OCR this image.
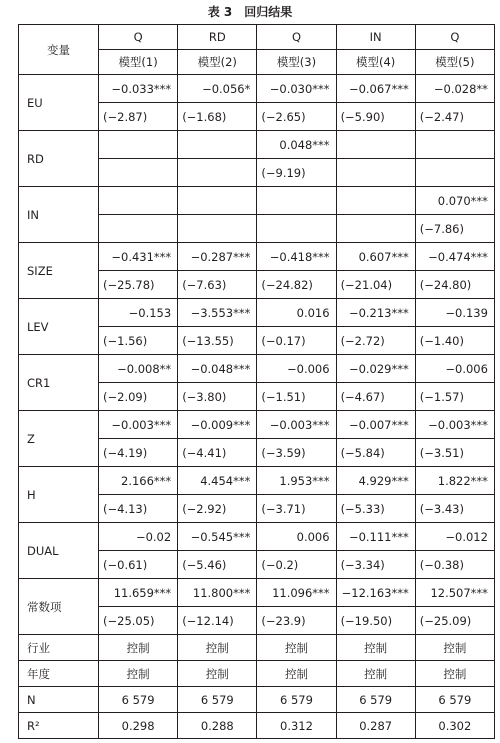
表 3　回归结果
变量	Q	RD	Q	IN	Q
	模型(1)	模型(2)	模型(3)	模型(4)	模型(5)
EU	−0.033***	−0.056*	−0.030***	−0.067***	−0.028**
	(−2.87)	(−1.68)	(−2.65)	(−5.90)	(−2.47)
RD			0.048***		
			(−9.19)		
IN					0.070***
					(−7.86)
SIZE	−0.431***	−0.287***	−0.418***	0.607***	−0.474***
	(−25.78)	(−7.63)	(−24.82)	(−21.04)	(−24.80)
LEV	−0.153	−3.553***	0.016	−0.213***	−0.139
	(−1.56)	(−13.55)	(−0.17)	(−2.72)	(−1.40)
CR1	−0.008**	−0.048***	−0.006	−0.029***	−0.006
	(−2.09)	(−3.80)	(−1.51)	(−4.67)	(−1.57)
Z	−0.003***	−0.009***	−0.003***	−0.007***	−0.003***
	(−4.19)	(−4.41)	(−3.59)	(−5.84)	(−3.51)
H	2.166***	4.454***	1.953***	4.929***	1.822***
	(−4.13)	(−2.92)	(−3.71)	(−5.33)	(−3.43)
DUAL	−0.02	−0.545***	0.006	−0.111***	−0.012
	(−0.61)	(−5.46)	(−0.2)	(−3.34)	(−0.38)
常数项	11.659***	11.800***	11.096***	−12.163***	12.507***
	(−25.05)	(−12.14)	(−23.9)	(−19.50)	(−25.09)
行业	控制	控制	控制	控制	控制
年度	控制	控制	控制	控制	控制
N	6 579	6 579	6 579	6 579	6 579
R²	0.298	0.288	0.312	0.287	0.302
